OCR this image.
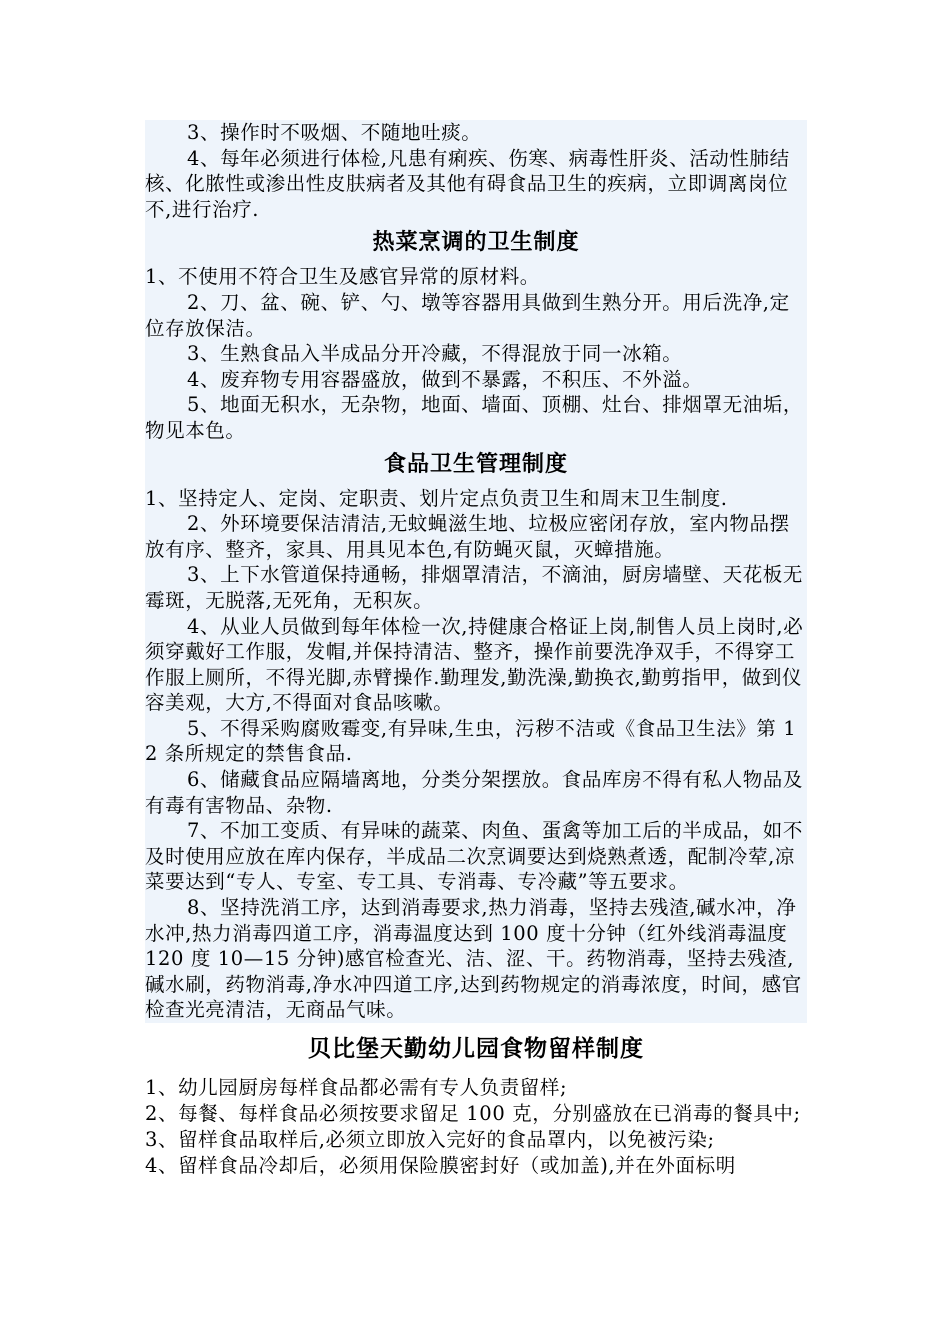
3、操作时不吸烟、不随地吐痰。

4、每年必须进行体检,凡患有痢疾、伤寒、病毒性肝炎、活动性肺结核、化脓性或渗出性皮肤病者及其他有碍食品卫生的疾病，立即调离岗位不,进行治疗.

热菜烹调的卫生制度

1、不使用不符合卫生及感官异常的原材料。

2、刀、盆、碗、铲、勺、墩等容器用具做到生熟分开。用后洗净,定位存放保洁。

3、生熟食品入半成品分开冷藏，不得混放于同一冰箱。

4、废弃物专用容器盛放，做到不暴露，不积压、不外溢。

5、地面无积水，无杂物，地面、墙面、顶棚、灶台、排烟罩无油垢，物见本色。

食品卫生管理制度

1、坚持定人、定岗、定职责、划片定点负责卫生和周末卫生制度.

2、外环境要保洁清洁,无蚊蝇滋生地、垃极应密闭存放，室内物品摆放有序、整齐，家具、用具见本色,有防蝇灭鼠，灭蟑措施。

3、上下水管道保持通畅，排烟罩清洁，不滴油，厨房墙壁、天花板无霉斑，无脱落,无死角，无积灰。

4、从业人员做到每年体检一次,持健康合格证上岗,制售人员上岗时,必须穿戴好工作服，发帽,并保持清洁、整齐，操作前要洗净双手，不得穿工作服上厕所，不得光脚,赤臂操作.勤理发,勤洗澡,勤换衣,勤剪指甲，做到仪容美观，大方,不得面对食品咳嗽。

5、不得采购腐败霉变,有异味,生虫，污秽不洁或《食品卫生法》第 12 条所规定的禁售食品.

6、储藏食品应隔墙离地，分类分架摆放。食品库房不得有私人物品及有毒有害物品、杂物.

7、不加工变质、有异味的蔬菜、肉鱼、蛋禽等加工后的半成品，如不及时使用应放在库内保存，半成品二次烹调要达到烧熟煮透，配制冷荤,凉菜要达到“专人、专室、专工具、专消毒、专冷藏”等五要求。

8、坚持洗消工序，达到消毒要求,热力消毒，坚持去残渣,碱水冲，净水冲,热力消毒四道工序，消毒温度达到 100 度十分钟（红外线消毒温度 120 度 10—15 分钟)感官检查光、洁、涩、干。药物消毒，坚持去残渣,碱水刷，药物消毒,净水冲四道工序,达到药物规定的消毒浓度，时间，感官检查光亮清洁，无商品气味。

贝比堡天勤幼儿园食物留样制度

1、幼儿园厨房每样食品都必需有专人负责留样;

2、每餐、每样食品必须按要求留足 100 克，分别盛放在已消毒的餐具中;

3、留样食品取样后,必须立即放入完好的食品罩内，以免被污染;

4、留样食品冷却后，必须用保险膜密封好（或加盖),并在外面标明
